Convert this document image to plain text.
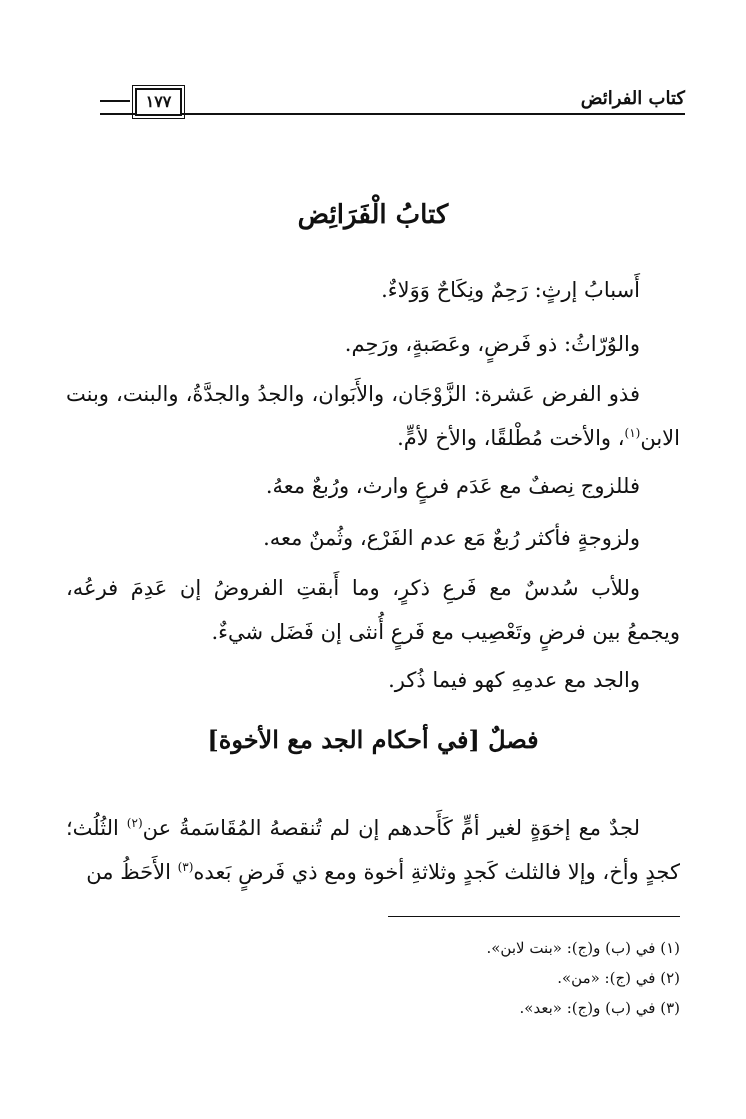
كتاب الفرائض
١٧٧
كتابُ الْفَرَائِض
أَسبابُ إرثٍ: رَحِمٌ ونِكَاحٌ وَوَلاءٌ.
والوُرّاثُ: ذو فَرضٍ، وعَصَبةٍ، ورَحِم.
فذو الفرض عَشرة: الزَّوْجَان، والأَبَوان، والجدُ والجدَّةُ، والبنت، وبنت الابن$^{(١)}$، والأخت مُطْلقًا، والأخ لأمٍّ.
فللزوج نِصفٌ مع عَدَم فرعٍ وارث، ورُبعٌ معهُ.
ولزوجةٍ فأكثر رُبعٌ مَع عدم الفَرْع، وثُمنٌ معه.
وللأب سُدسٌ مع فَرعِ ذكرٍ، وما أَبقتِ الفروضُ إن عَدِمَ فرعُه، ويجمعُ بين فرضٍ وتَعْصِيب مع فَرعٍ أُنثى إن فَضَل شيءٌ.
والجد مع عدمِهِ كهو فيما ذُكر.
فصلٌ [في أحكام الجد مع الأخوة]
لجدٌ مع إخوَةٍ لغير أمٍّ كَأَحدهم إن لم تُنقصهُ المُقَاسَمةُ عن$^{(٢)}$ الثُلُث؛ كجدٍ وأخ، وإلا فالثلث كَجدٍ وثلاثةِ أخوة ومع ذي فَرضٍ بَعده$^{(٣)}$ الأَحَظُ من
(١) في (ب) و(ج): «بنت لابن».
(٢) في (ج): «من».
(٣) في (ب) و(ج): «بعد».
